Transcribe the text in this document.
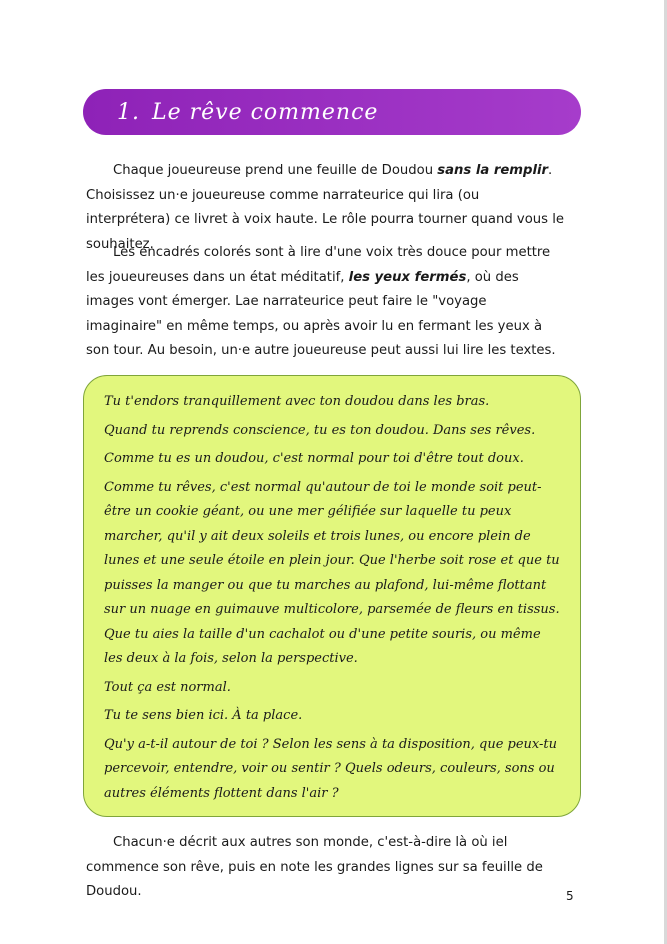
1. Le rêve commence

Chaque joueureuse prend une feuille de Doudou sans la remplir. Choisissez un·e joueureuse comme narrateurice qui lira (ou interprétera) ce livret à voix haute. Le rôle pourra tourner quand vous le souhaitez.

Les encadrés colorés sont à lire d'une voix très douce pour mettre les joueureuses dans un état méditatif, les yeux fermés, où des images vont émerger. Lae narrateurice peut faire le "voyage imaginaire" en même temps, ou après avoir lu en fermant les yeux à son tour. Au besoin, un·e autre joueureuse peut aussi lui lire les textes.

Tu t'endors tranquillement avec ton doudou dans les bras.

Quand tu reprends conscience, tu es ton doudou. Dans ses rêves.

Comme tu es un doudou, c'est normal pour toi d'être tout doux.

Comme tu rêves, c'est normal qu'autour de toi le monde soit peut-être un cookie géant, ou une mer gélifiée sur laquelle tu peux marcher, qu'il y ait deux soleils et trois lunes, ou encore plein de lunes et une seule étoile en plein jour. Que l'herbe soit rose et que tu puisses la manger ou que tu marches au plafond, lui-même flottant sur un nuage en guimauve multicolore, parsemée de fleurs en tissus. Que tu aies la taille d'un cachalot ou d'une petite souris, ou même les deux à la fois, selon la perspective.

Tout ça est normal.

Tu te sens bien ici. À ta place.

Qu'y a-t-il autour de toi ? Selon les sens à ta disposition, que peux-tu percevoir, entendre, voir ou sentir ? Quels odeurs, couleurs, sons ou autres éléments flottent dans l'air ?

Chacun·e décrit aux autres son monde, c'est-à-dire là où iel commence son rêve, puis en note les grandes lignes sur sa feuille de Doudou.	5
